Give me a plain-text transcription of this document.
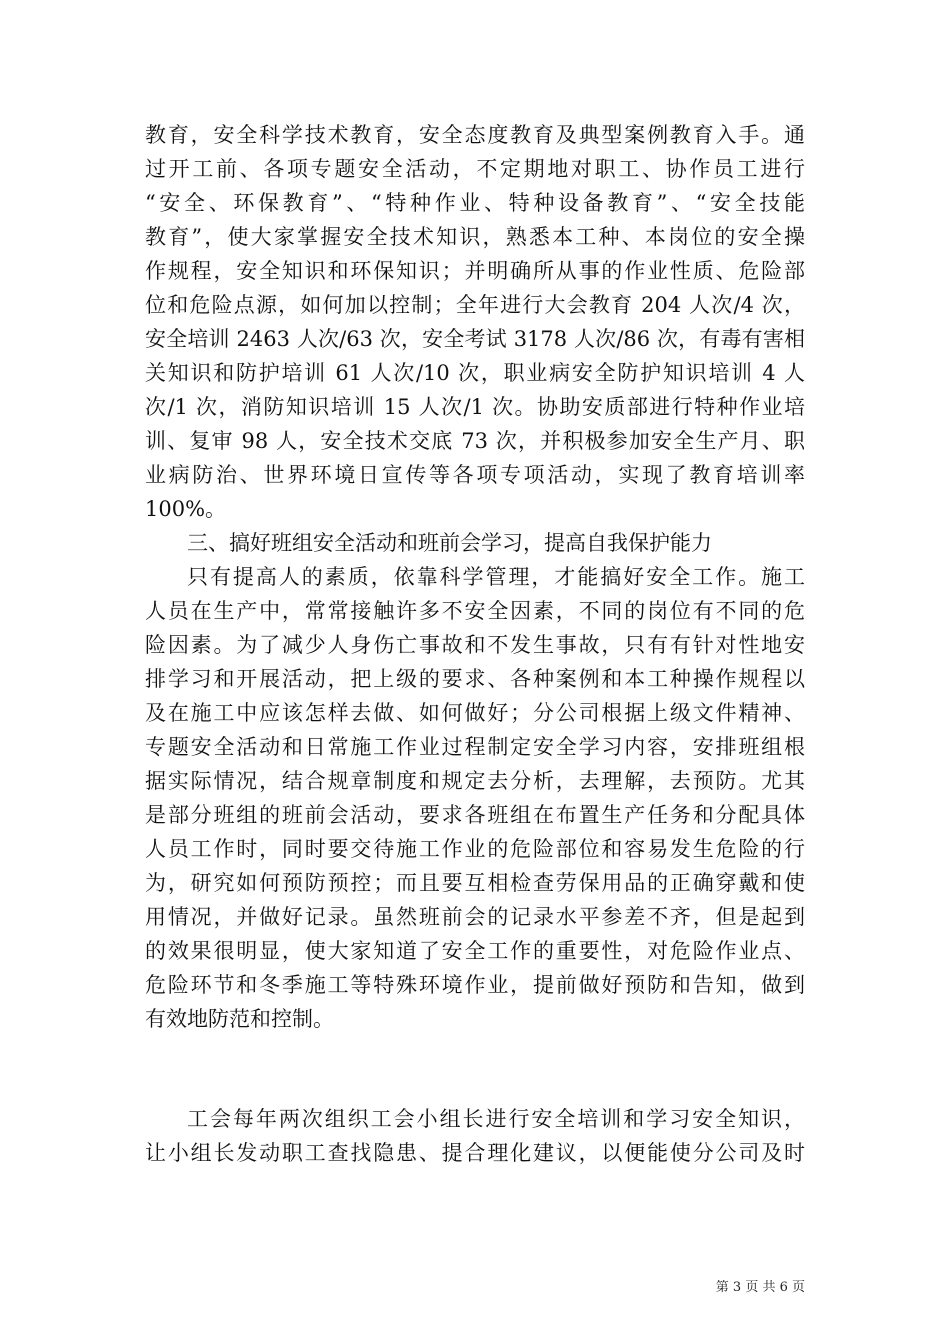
教育，安全科学技术教育，安全态度教育及典型案例教育入手。通
过开工前、各项专题安全活动，不定期地对职工、协作员工进行
“安全、环保教育”、“特种作业、特种设备教育”、“安全技能
教育”，使大家掌握安全技术知识，熟悉本工种、本岗位的安全操
作规程，安全知识和环保知识；并明确所从事的作业性质、危险部
位和危险点源，如何加以控制；全年进行大会教育 204 人次/4 次，
安全培训 2463 人次/63 次，安全考试 3178 人次/86 次，有毒有害相
关知识和防护培训 61 人次/10 次，职业病安全防护知识培训 4 人
次/1 次，消防知识培训 15 人次/1 次。协助安质部进行特种作业培
训、复审 98 人，安全技术交底 73 次，并积极参加安全生产月、职
业病防治、世界环境日宣传等各项专项活动，实现了教育培训率
100%。
三、搞好班组安全活动和班前会学习，提高自我保护能力
只有提高人的素质，依靠科学管理，才能搞好安全工作。施工
人员在生产中，常常接触许多不安全因素，不同的岗位有不同的危
险因素。为了减少人身伤亡事故和不发生事故，只有有针对性地安
排学习和开展活动，把上级的要求、各种案例和本工种操作规程以
及在施工中应该怎样去做、如何做好；分公司根据上级文件精神、
专题安全活动和日常施工作业过程制定安全学习内容，安排班组根
据实际情况，结合规章制度和规定去分析，去理解，去预防。尤其
是部分班组的班前会活动，要求各班组在布置生产任务和分配具体
人员工作时，同时要交待施工作业的危险部位和容易发生危险的行
为，研究如何预防预控；而且要互相检查劳保用品的正确穿戴和使
用情况，并做好记录。虽然班前会的记录水平参差不齐，但是起到
的效果很明显，使大家知道了安全工作的重要性，对危险作业点、
危险环节和冬季施工等特殊环境作业，提前做好预防和告知，做到
有效地防范和控制。
工会每年两次组织工会小组长进行安全培训和学习安全知识，
让小组长发动职工查找隐患、提合理化建议，以便能使分公司及时
第 3 页 共 6 页
